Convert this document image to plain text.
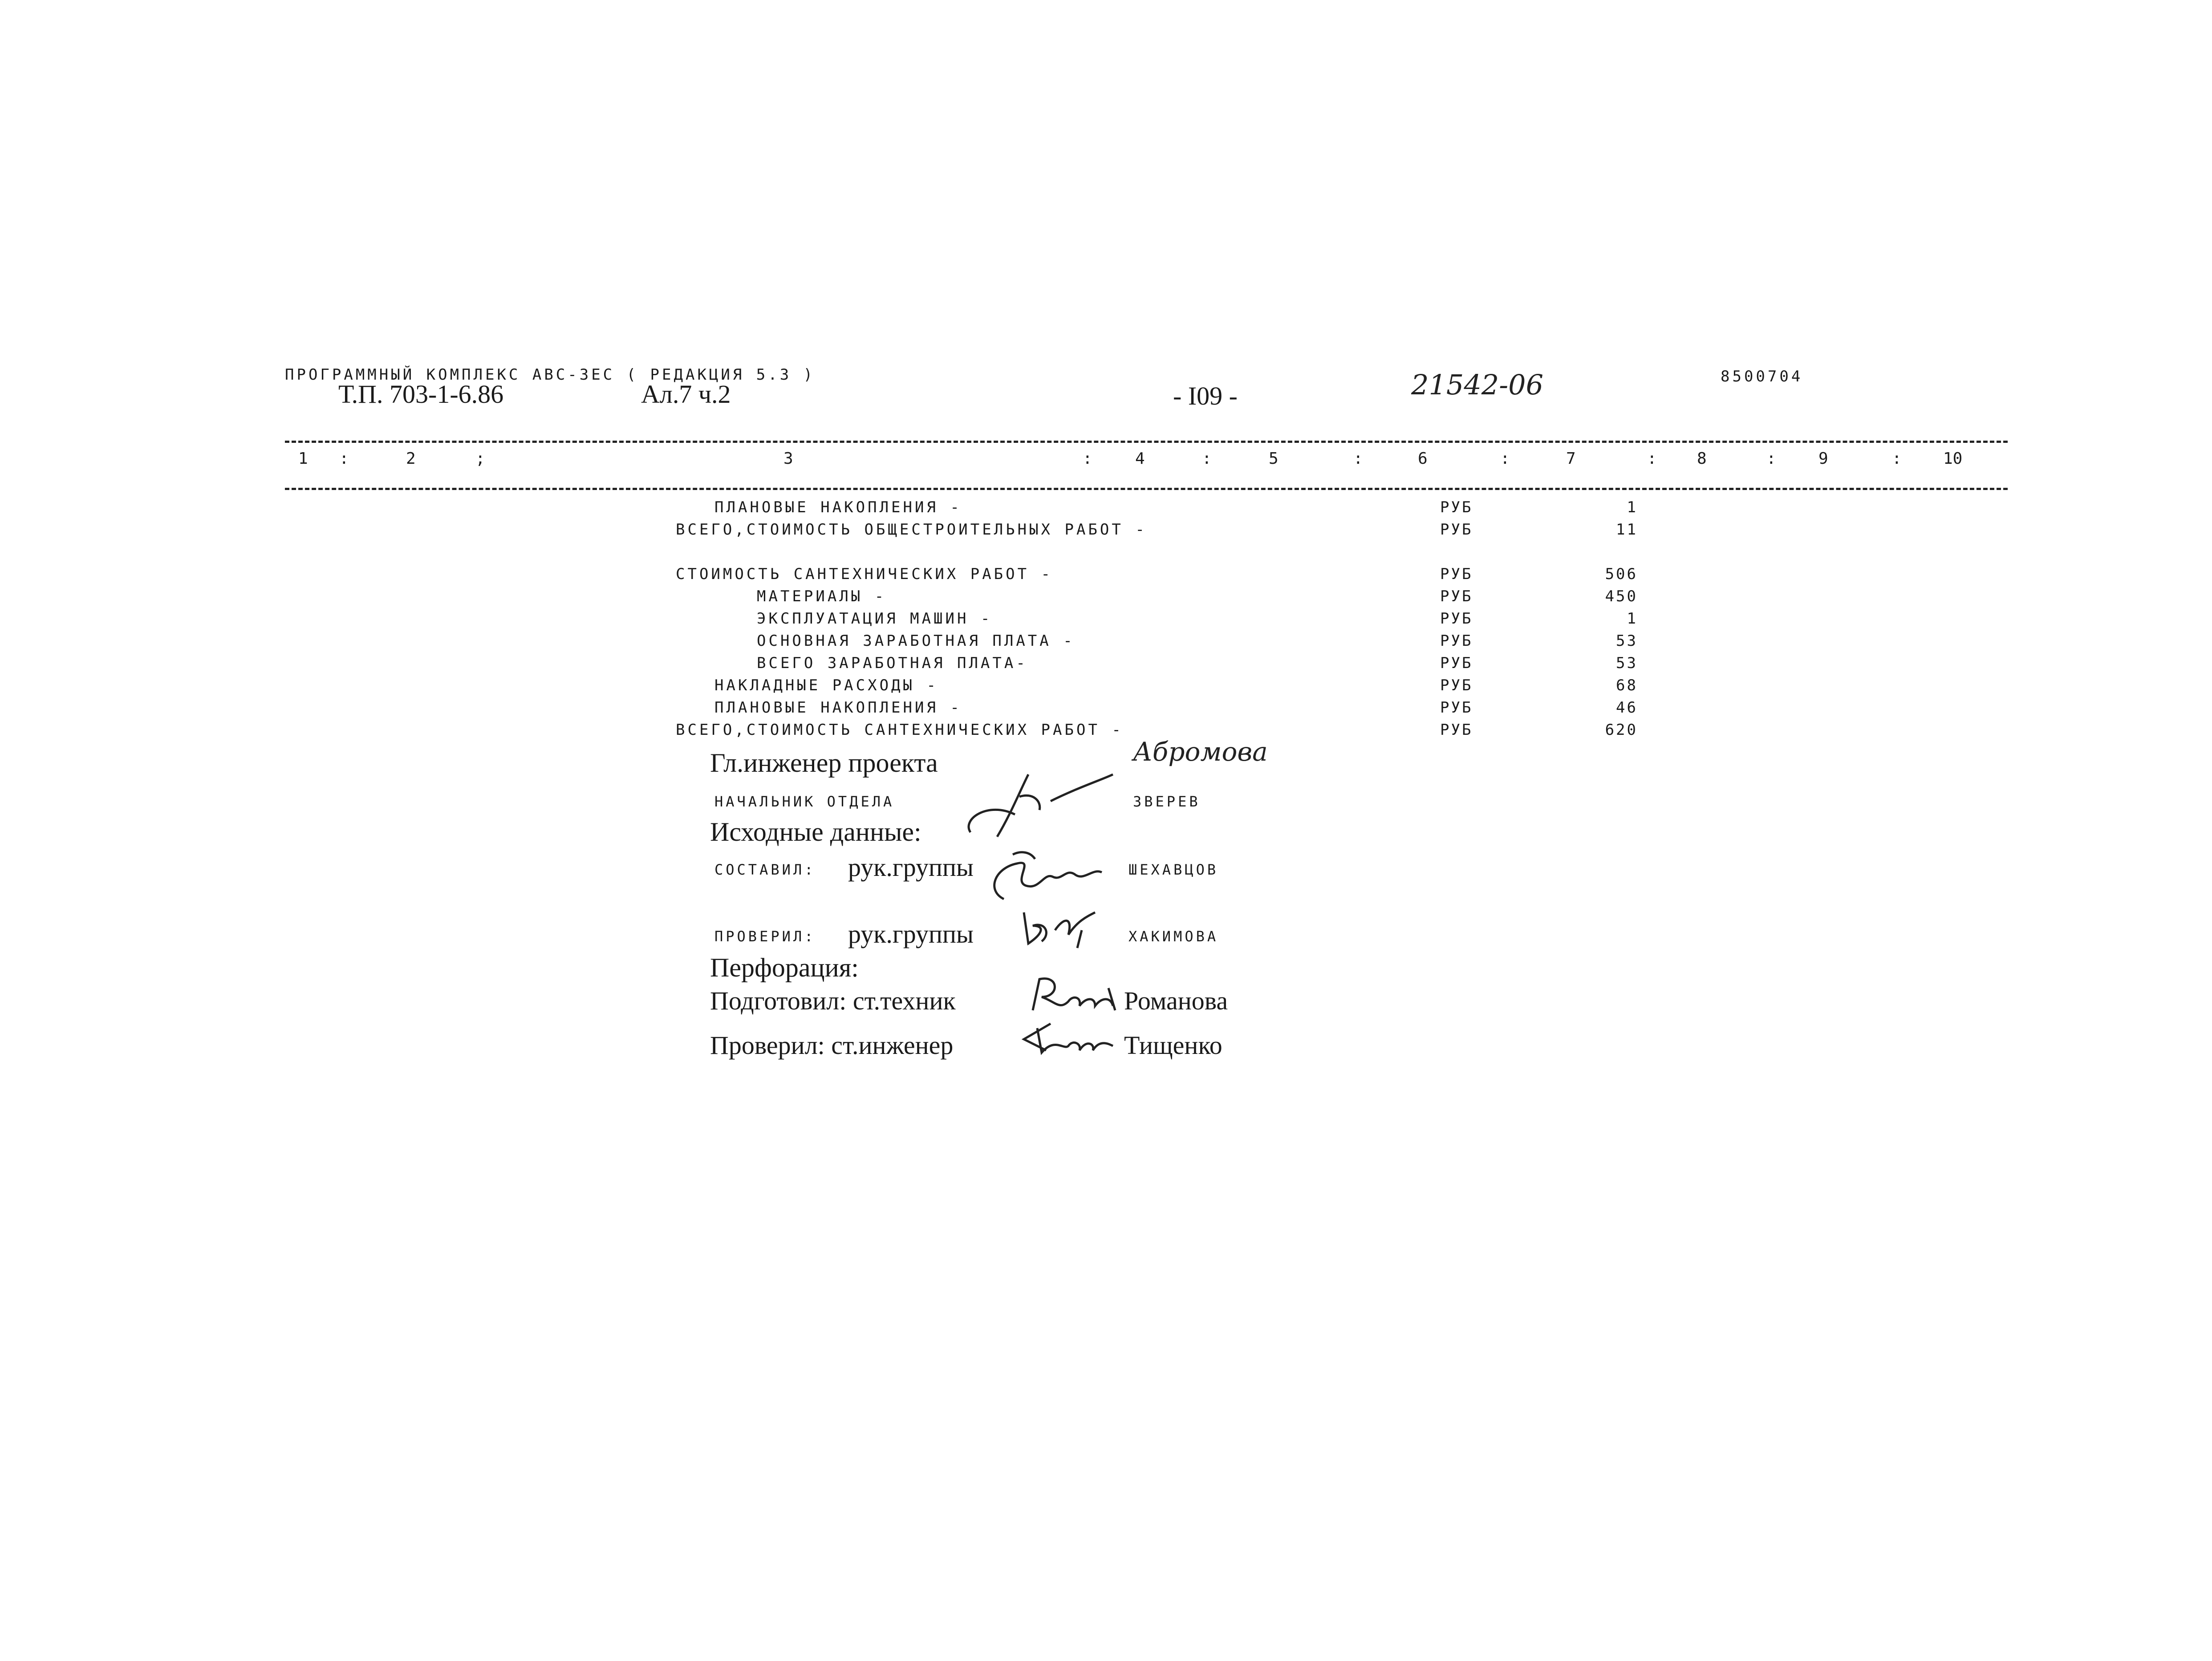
ПРОГРАММНЫЙ КОМПЛЕКС АВС-3ЕС ( РЕДАКЦИЯ 5.3 )
Т.П. 703-1-6.86	Ал.7 ч.2	- I09 -	21542-06	8500704
1 :	2	;	3	:	4	:	5	:	6	:	7	:	8	:	9	:	10
ПЛАНОВЫЕ НАКОПЛЕНИЯ -	РУБ	1
ВСЕГО,СТОИМОСТЬ ОБЩЕСТРОИТЕЛЬНЫХ РАБОТ -	РУБ	11
СТОИМОСТЬ САНТЕХНИЧЕСКИХ РАБОТ -	РУБ	506
МАТЕРИАЛЫ -	РУБ	450
ЭКСПЛУАТАЦИЯ МАШИН -	РУБ	1
ОСНОВНАЯ ЗАРАБОТНАЯ ПЛАТА -	РУБ	53
ВСЕГО ЗАРАБОТНАЯ ПЛАТА-	РУБ	53
НАКЛАДНЫЕ РАСХОДЫ -	РУБ	68
ПЛАНОВЫЕ НАКОПЛЕНИЯ -	РУБ	46
ВСЕГО,СТОИМОСТЬ САНТЕХНИЧЕСКИХ РАБОТ -	РУБ	620
Гл.инженер проекта	Абромова
НАЧАЛЬНИК ОТДЕЛА	ЗВЕРЕВ
Исходные данные:
СОСТАВИЛ: рук.группы	ШЕХАВЦОВ
ПРОВЕРИЛ: рук.группы	ХАКИМОВА
Перфорация:
Подготовил: ст.техник	Романова
Проверил: ст.инженер	Тищенко
